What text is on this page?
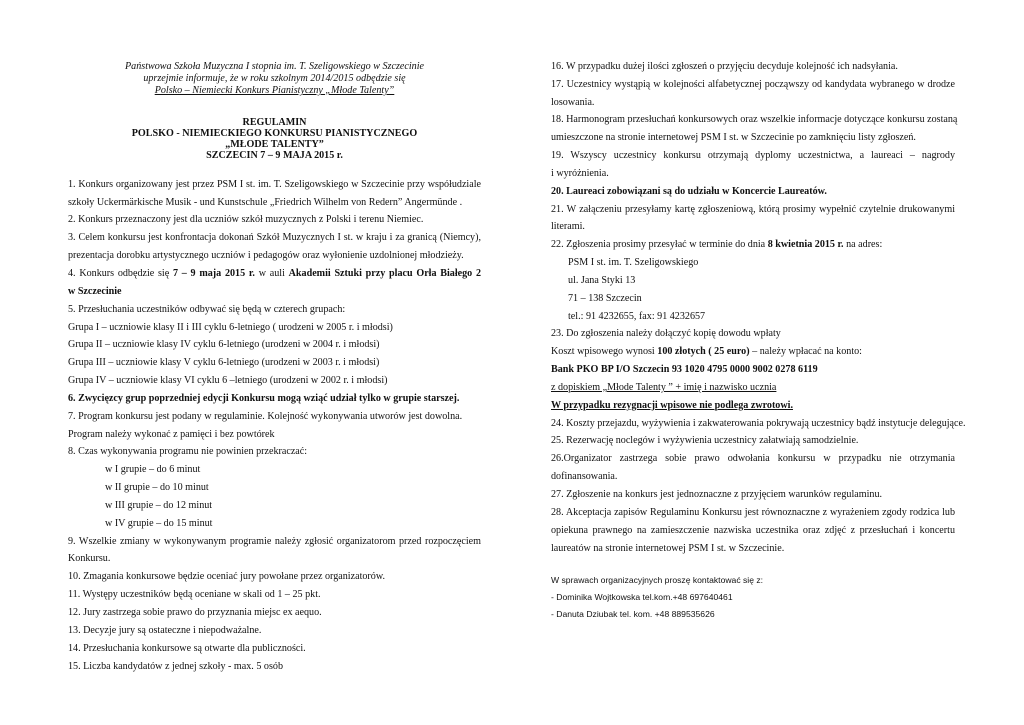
Państwowa Szkoła Muzyczna I stopnia im. T. Szeligowskiego w Szczecinie
uprzejmie informuje, że w roku szkolnym 2014/2015 odbędzie się
Polsko – Niemiecki Konkurs Pianistyczny „Młode Talenty”
REGULAMIN
POLSKO - NIEMIECKIEGO KONKURSU PIANISTYCZNEGO
„MŁODE TALENTY”
SZCZECIN 7 – 9 MAJA 2015 r.
1. Konkurs organizowany jest przez PSM I st. im. T. Szeligowskiego w Szczecinie przy współudziale
szkoły Uckermärkische Musik - und Kunstschule „Friedrich Wilhelm von Redern” Angermünde .
2. Konkurs przeznaczony jest dla uczniów szkół muzycznych z Polski i terenu Niemiec.
3. Celem konkursu jest konfrontacja dokonań Szkół Muzycznych I st. w kraju i za granicą (Niemcy),
prezentacja dorobku artystycznego uczniów i pedagogów oraz wyłonienie uzdolnionej młodzieży.
4. Konkurs odbędzie się 7 – 9 maja 2015 r. w auli Akademii Sztuki przy placu Orła Białego 2
w Szczecinie
5. Przesłuchania uczestników odbywać się będą w czterech grupach:
Grupa I – uczniowie klasy II i III cyklu 6-letniego ( urodzeni w 2005 r. i młodsi)
Grupa II – uczniowie klasy IV cyklu 6-letniego (urodzeni w 2004 r. i młodsi)
Grupa III – uczniowie klasy V cyklu 6-letniego (urodzeni w 2003 r. i młodsi)
Grupa IV – uczniowie klasy VI cyklu 6 –letniego (urodzeni w 2002 r. i młodsi)
6. Zwycięzcy grup poprzedniej edycji Konkursu mogą wziąć udział tylko w grupie starszej.
7. Program konkursu jest podany w regulaminie. Kolejność wykonywania utworów jest dowolna.
Program należy wykonać z pamięci i bez powtórek
8. Czas wykonywania programu nie powinien przekraczać:
w I grupie – do 6 minut
w II grupie – do 10 minut
w III grupie – do 12 minut
w IV grupie – do 15 minut
9. Wszelkie zmiany w wykonywanym programie należy zgłosić organizatorom przed rozpoczęciem
Konkursu.
10. Zmagania konkursowe będzie oceniać jury powołane przez organizatorów.
11. Występy uczestników będą oceniane w skali od 1 – 25 pkt.
12. Jury zastrzega sobie prawo do przyznania miejsc ex aequo.
13. Decyzje jury są ostateczne i niepodważalne.
14. Przesłuchania konkursowe są otwarte dla publiczności.
15. Liczba kandydatów z jednej szkoły - max. 5 osób
16. W przypadku dużej ilości zgłoszeń o przyjęciu decyduje kolejność ich nadsyłania.
17. Uczestnicy wystąpią w kolejności alfabetycznej począwszy od kandydata wybranego w drodze
losowania.
18. Harmonogram przesłuchań konkursowych oraz wszelkie informacje dotyczące konkursu zostaną
umieszczone na stronie internetowej PSM I st. w Szczecinie po zamknięciu listy zgłoszeń.
19. Wszyscy uczestnicy konkursu otrzymają dyplomy uczestnictwa, a laureaci – nagrody
i wyróżnienia.
20. Laureaci zobowiązani są do udziału w Koncercie Laureatów.
21. W załączeniu przesyłamy kartę zgłoszeniową, którą prosimy wypełnić czytelnie drukowanymi
literami.
22. Zgłoszenia prosimy przesyłać w terminie do dnia 8 kwietnia 2015 r. na adres:
PSM I st. im. T. Szeligowskiego
ul. Jana Styki 13
71 – 138 Szczecin
tel.: 91 4232655, fax: 91 4232657
23. Do zgłoszenia należy dołączyć kopię dowodu wpłaty
Koszt wpisowego wynosi 100 złotych ( 25 euro) – należy wpłacać na konto:
Bank PKO BP I/O Szczecin 93 1020 4795 0000 9002 0278 6119
z dopiskiem „Młode Talenty ” + imię i nazwisko ucznia
W przypadku rezygnacji wpisowe nie podlega zwrotowi.
24. Koszty przejazdu, wyżywienia i zakwaterowania pokrywają uczestnicy bądź instytucje delegujące.
25. Rezerwację noclegów i wyżywienia uczestnicy załatwiają samodzielnie.
26.Organizator zastrzega sobie prawo odwołania konkursu w przypadku nie otrzymania
dofinansowania.
27. Zgłoszenie na konkurs jest jednoznaczne z przyjęciem warunków regulaminu.
28. Akceptacja zapisów Regulaminu Konkursu jest równoznaczne z wyrażeniem zgody rodzica lub
opiekuna prawnego na zamieszczenie nazwiska uczestnika oraz zdjęć z przesłuchań i koncertu
laureatów na stronie internetowej PSM I st. w Szczecinie.
W sprawach organizacyjnych proszę kontaktować się z:
- Dominika Wojtkowska tel.kom.+48 697640461
- Danuta Dziubak tel. kom. +48 889535626
